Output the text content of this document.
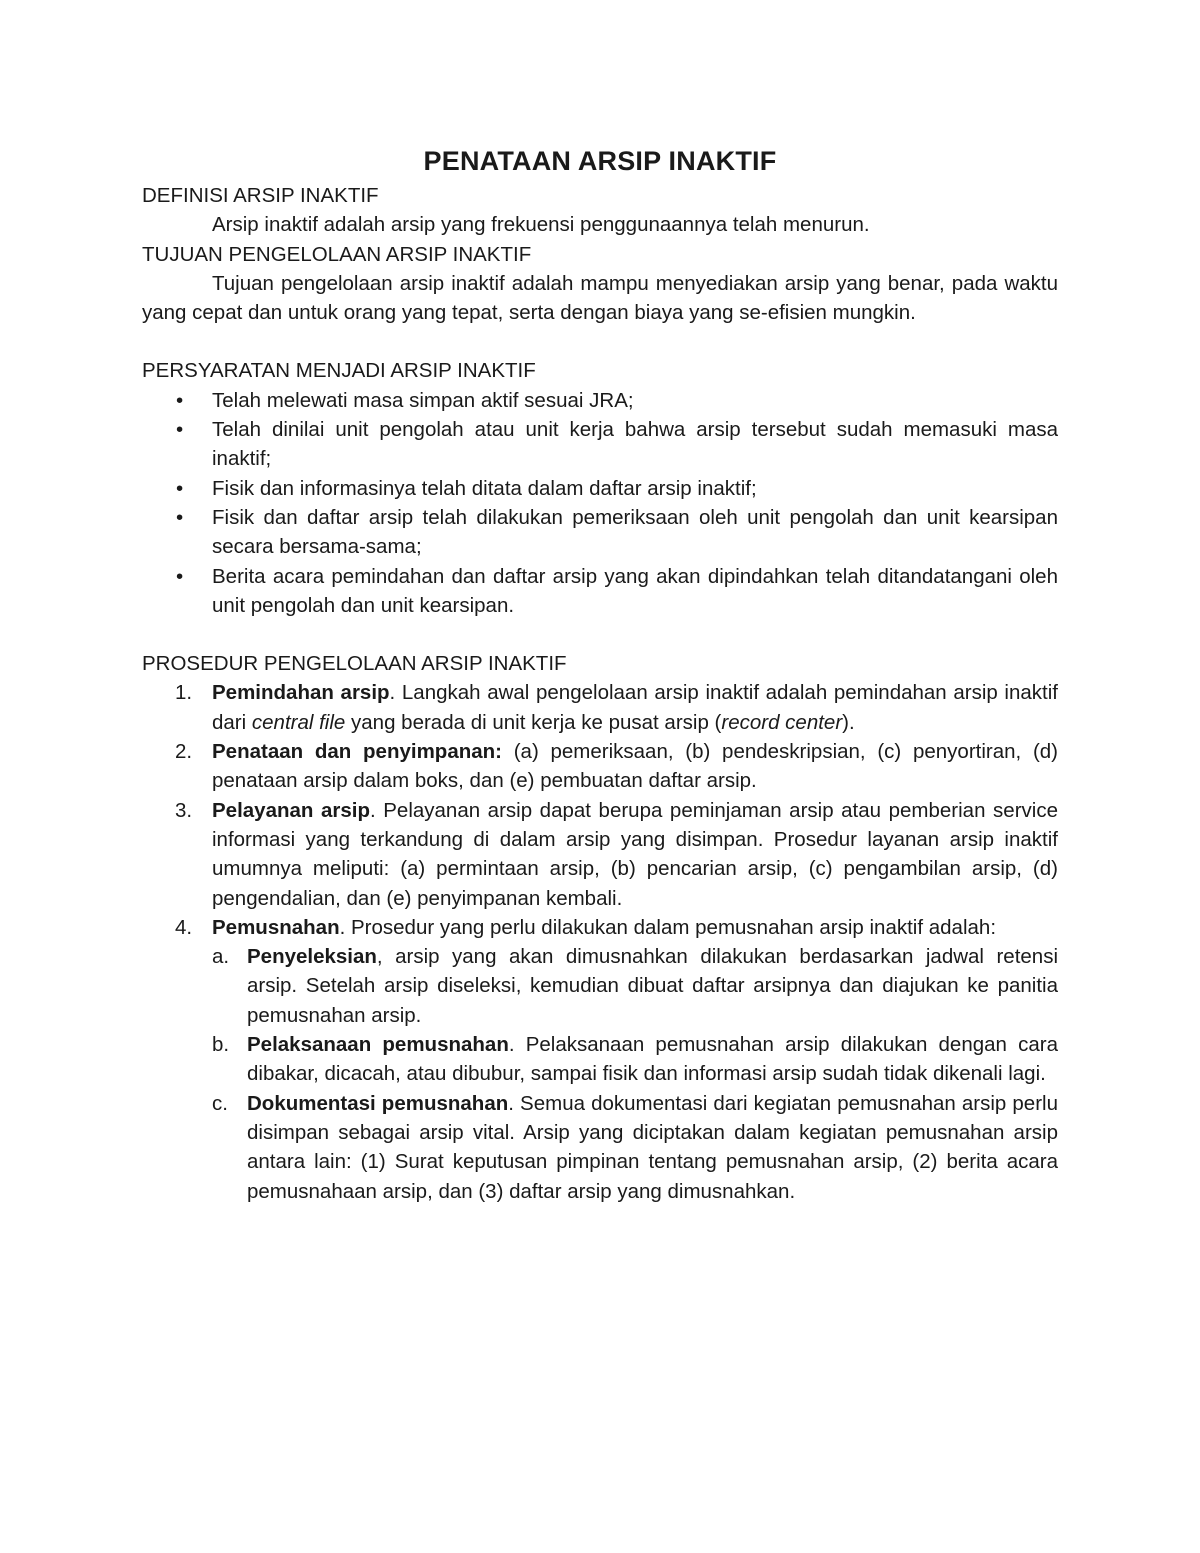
PENATAAN ARSIP INAKTIF

DEFINISI ARSIP INAKTIF

Arsip inaktif adalah arsip yang frekuensi penggunaannya telah menurun.

TUJUAN PENGELOLAAN ARSIP INAKTIF

Tujuan pengelolaan arsip inaktif adalah mampu menyediakan arsip yang benar, pada waktu yang cepat dan untuk orang yang tepat, serta dengan biaya yang se-efisien mungkin.

PERSYARATAN MENJADI ARSIP INAKTIF

• Telah melewati masa simpan aktif sesuai JRA;
• Telah dinilai unit pengolah atau unit kerja bahwa arsip tersebut sudah memasuki masa inaktif;
• Fisik dan informasinya telah ditata dalam daftar arsip inaktif;
• Fisik dan daftar arsip telah dilakukan pemeriksaan oleh unit pengolah dan unit kearsipan secara bersama-sama;
• Berita acara pemindahan dan daftar arsip yang akan dipindahkan telah ditandatangani oleh unit pengolah dan unit kearsipan.

PROSEDUR PENGELOLAAN ARSIP INAKTIF

1. Pemindahan arsip. Langkah awal pengelolaan arsip inaktif adalah pemindahan arsip inaktif dari central file yang berada di unit kerja ke pusat arsip (record center).
2. Penataan dan penyimpanan: (a) pemeriksaan, (b) pendeskripsian, (c) penyortiran, (d) penataan arsip dalam boks, dan (e) pembuatan daftar arsip.
3. Pelayanan arsip. Pelayanan arsip dapat berupa peminjaman arsip atau pemberian service informasi yang terkandung di dalam arsip yang disimpan. Prosedur layanan arsip inaktif umumnya meliputi: (a) permintaan arsip, (b) pencarian arsip, (c) pengambilan arsip, (d) pengendalian, dan (e) penyimpanan kembali.
4. Pemusnahan. Prosedur yang perlu dilakukan dalam pemusnahan arsip inaktif adalah:
a. Penyeleksian, arsip yang akan dimusnahkan dilakukan berdasarkan jadwal retensi arsip. Setelah arsip diseleksi, kemudian dibuat daftar arsipnya dan diajukan ke panitia pemusnahan arsip.
b. Pelaksanaan pemusnahan. Pelaksanaan pemusnahan arsip dilakukan dengan cara dibakar, dicacah, atau dibubur, sampai fisik dan informasi arsip sudah tidak dikenali lagi.
c. Dokumentasi pemusnahan. Semua dokumentasi dari kegiatan pemusnahan arsip perlu disimpan sebagai arsip vital. Arsip yang diciptakan dalam kegiatan pemusnahan arsip antara lain: (1) Surat keputusan pimpinan tentang pemusnahan arsip, (2) berita acara pemusnahaan arsip, dan (3) daftar arsip yang dimusnahkan.
